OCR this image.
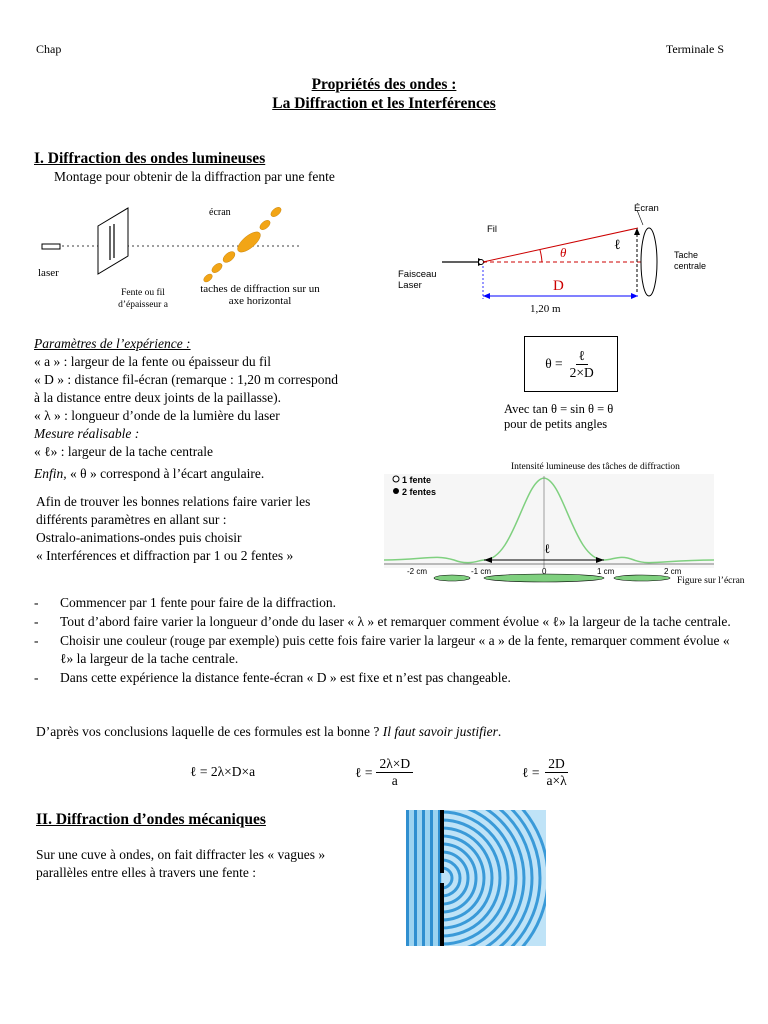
Chap	Terminale S
Propriétés des ondes :
La Diffraction et les Interférences
I. Diffraction des ondes lumineuses
Montage pour obtenir de la diffraction par une fente
écran
laser
Fente ou fil
d’épaisseur a
taches de diffraction sur un
axe horizontal
Fil
Écran
Tache
centrale
Faisceau
Laser
θ	ℓ
D
1,20 m
Paramètres de l’expérience :
« a » : largeur de la fente ou épaisseur du fil
« D » : distance fil-écran (remarque : 1,20 m correspond
à la distance entre deux joints de la paillasse).
« λ » : longueur d’onde de la lumière du laser
Mesure réalisable :
« ℓ» : largeur de la tache centrale
Enfin, « θ » correspond à l’écart angulaire.
$\theta = \frac{\text{ℓ}}{2\times D}$
Avec tan θ = sin θ = θ
pour de petits angles
Afin de trouver les bonnes relations faire varier les
différents paramètres en allant sur :
Ostralo-animations-ondes puis choisir
« Interférences et diffraction par 1 ou 2 fentes »
Intensité lumineuse des tâches de diffraction
1 fente
2 fentes
ℓ
-2 cm	-1 cm	0	1 cm	2 cm
Figure sur l’écran
- Commencer par 1 fente pour faire de la diffraction.
- Tout d’abord faire varier la longueur d’onde du laser « λ » et remarquer comment évolue « ℓ» la largeur de la tache centrale.
- Choisir une couleur (rouge par exemple) puis cette fois faire varier la largeur « a » de la fente, remarquer comment évolue « ℓ» la largeur de la tache centrale.
- Dans cette expérience la distance fente-écran « D » est fixe et n’est pas changeable.
D’après vos conclusions laquelle de ces formules est la bonne ? Il faut savoir justifier.
ℓ = 2λ×D×a	ℓ = $\frac{2\lambda\times D}{a}$	ℓ = $\frac{2D}{a\times\lambda}$
II. Diffraction d’ondes mécaniques
Sur une cuve à ondes, on fait diffracter les « vagues »
parallèles entre elles à travers une fente :
